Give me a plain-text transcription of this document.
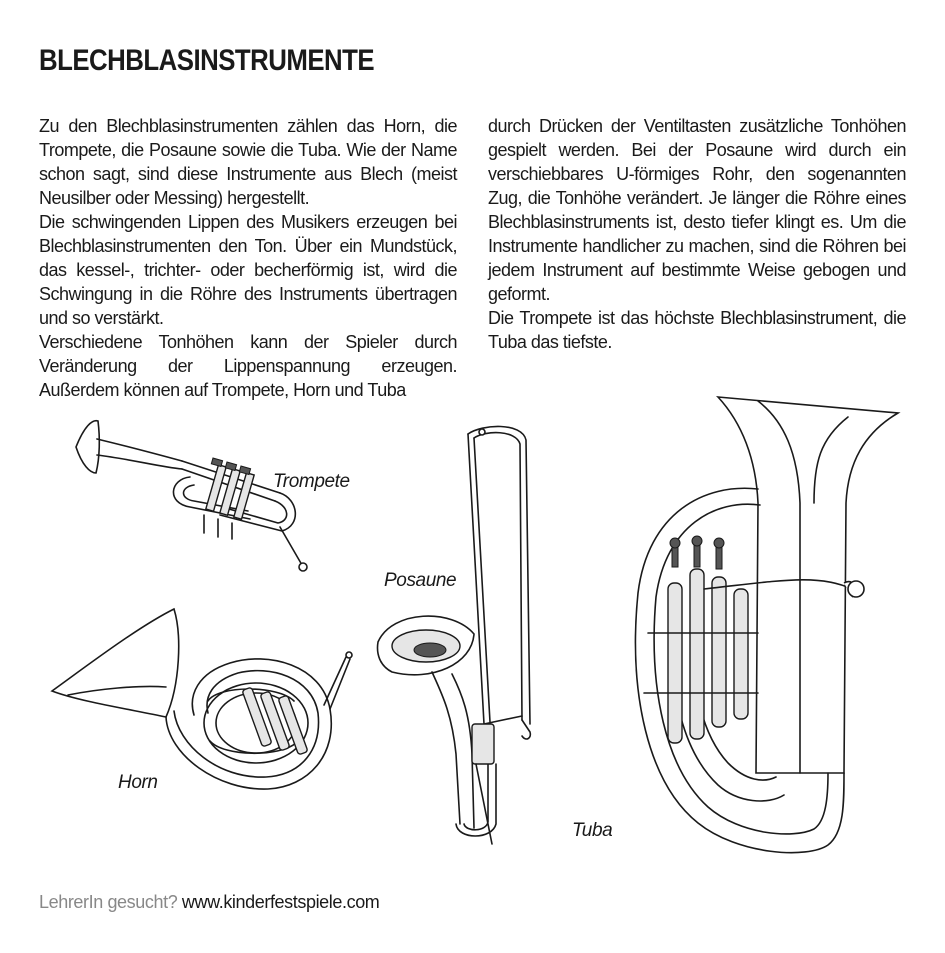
BLECHBLASINSTRUMENTE

Zu den Blechblasinstrumenten zählen das Horn, die Trompete, die Posaune sowie die Tuba. Wie der Name schon sagt, sind diese Instrumente aus Blech (meist Neusilber oder Messing) hergestellt.

Die schwingenden Lippen des Musikers erzeugen bei Blechblasinstrumenten den Ton. Über ein Mundstück, das kessel-, trichter- oder becherförmig ist, wird die Schwingung in die Röhre des Instruments übertragen und so verstärkt.

Verschiedene Tonhöhen kann der Spieler durch Veränderung der Lippenspannung erzeugen. Außerdem können auf Trompete, Horn und Tuba

durch Drücken der Ventiltasten zusätzliche Tonhöhen gespielt werden. Bei der Posaune wird durch ein verschiebbares U-förmiges Rohr, den sogenannten Zug, die Tonhöhe verändert. Je länger die Röhre eines Blechblasinstruments ist, desto tiefer klingt es. Um die Instrumente handlicher zu machen, sind die Röhren bei jedem Instrument auf bestimmte Weise gebogen und geformt.

Die Trompete ist das höchste Blechblasinstrument, die Tuba das tiefste.

Trompete
Posaune
Horn
Tuba
LehrerIn gesucht? www.kinderfestspiele.com
